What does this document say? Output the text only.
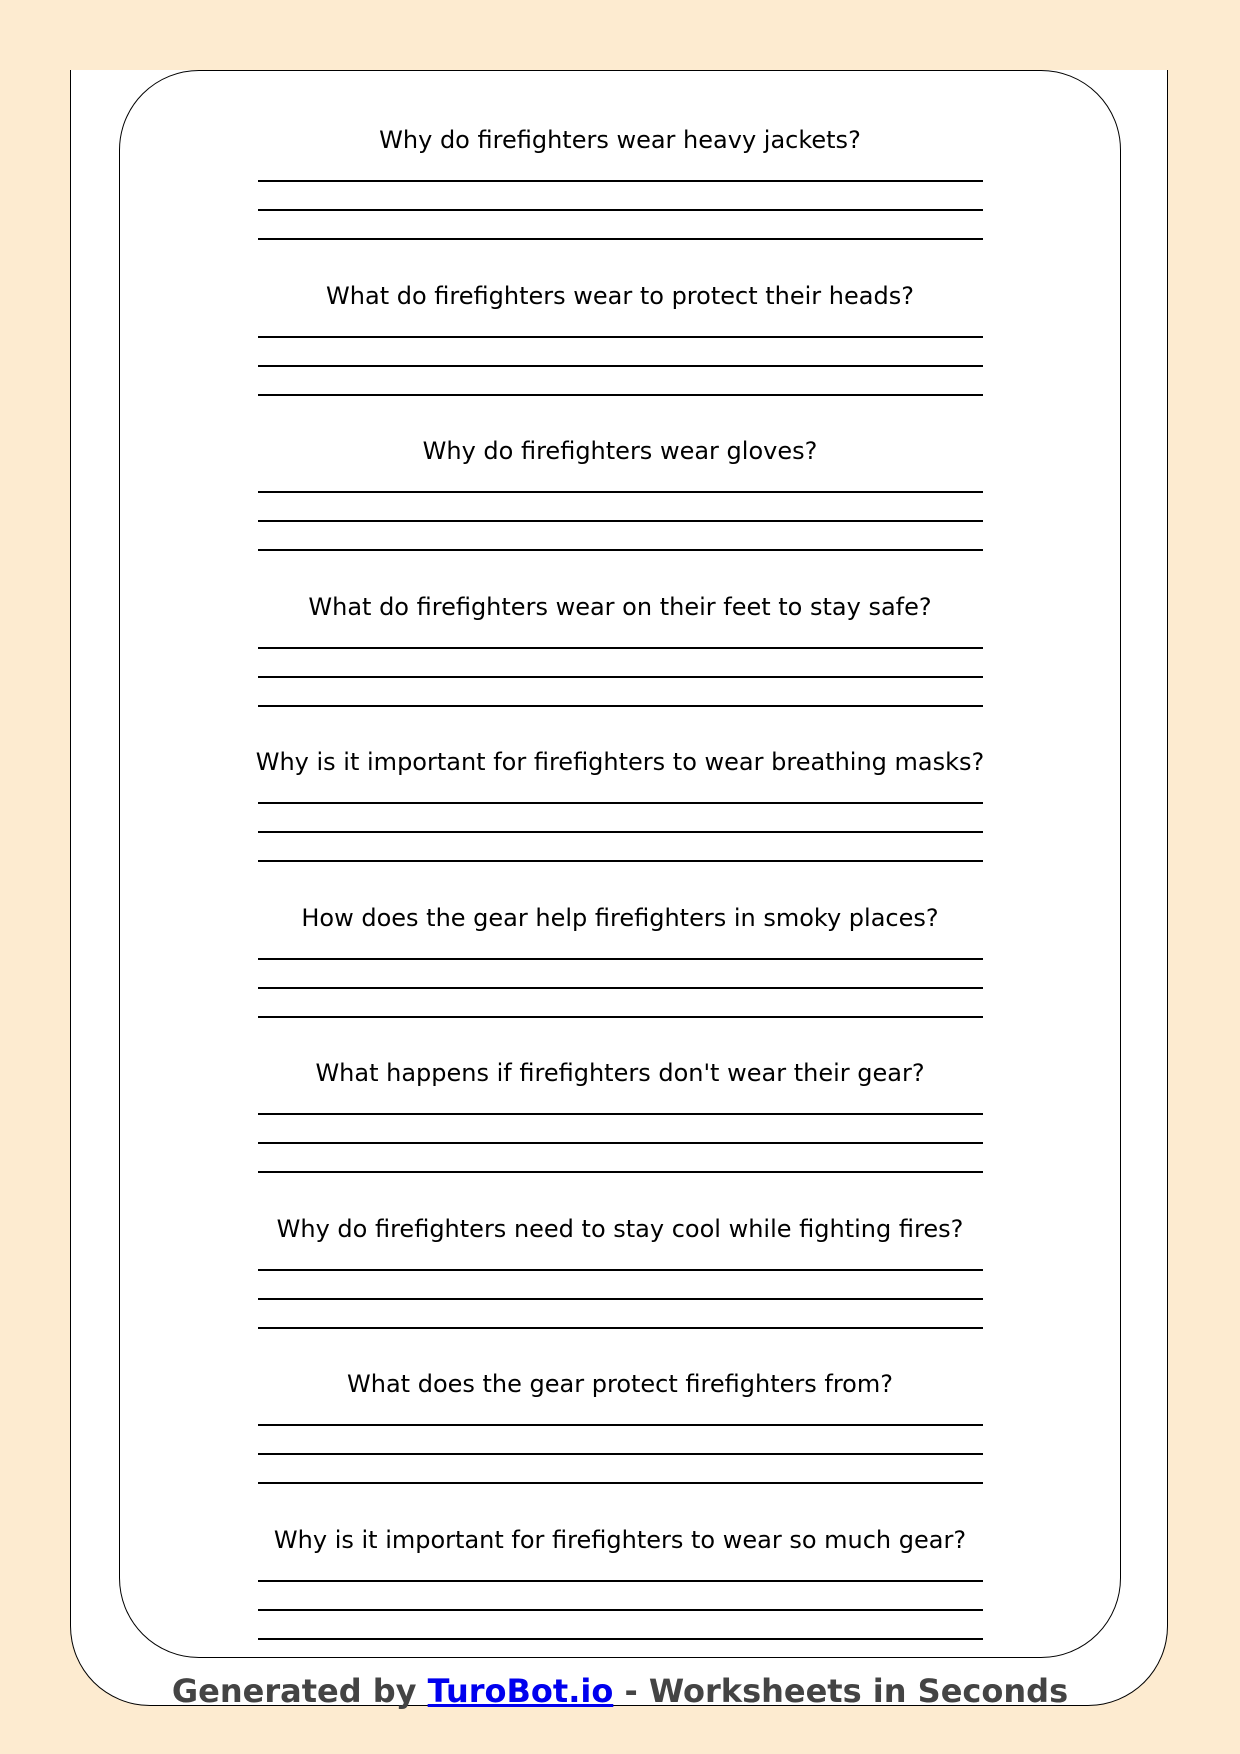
Why do firefighters wear heavy jackets?
What do firefighters wear to protect their heads?
Why do firefighters wear gloves?
What do firefighters wear on their feet to stay safe?
Why is it important for firefighters to wear breathing masks?
How does the gear help firefighters in smoky places?
What happens if firefighters don't wear their gear?
Why do firefighters need to stay cool while fighting fires?
What does the gear protect firefighters from?
Why is it important for firefighters to wear so much gear?
Generated by TuroBot.io - Worksheets in Seconds
